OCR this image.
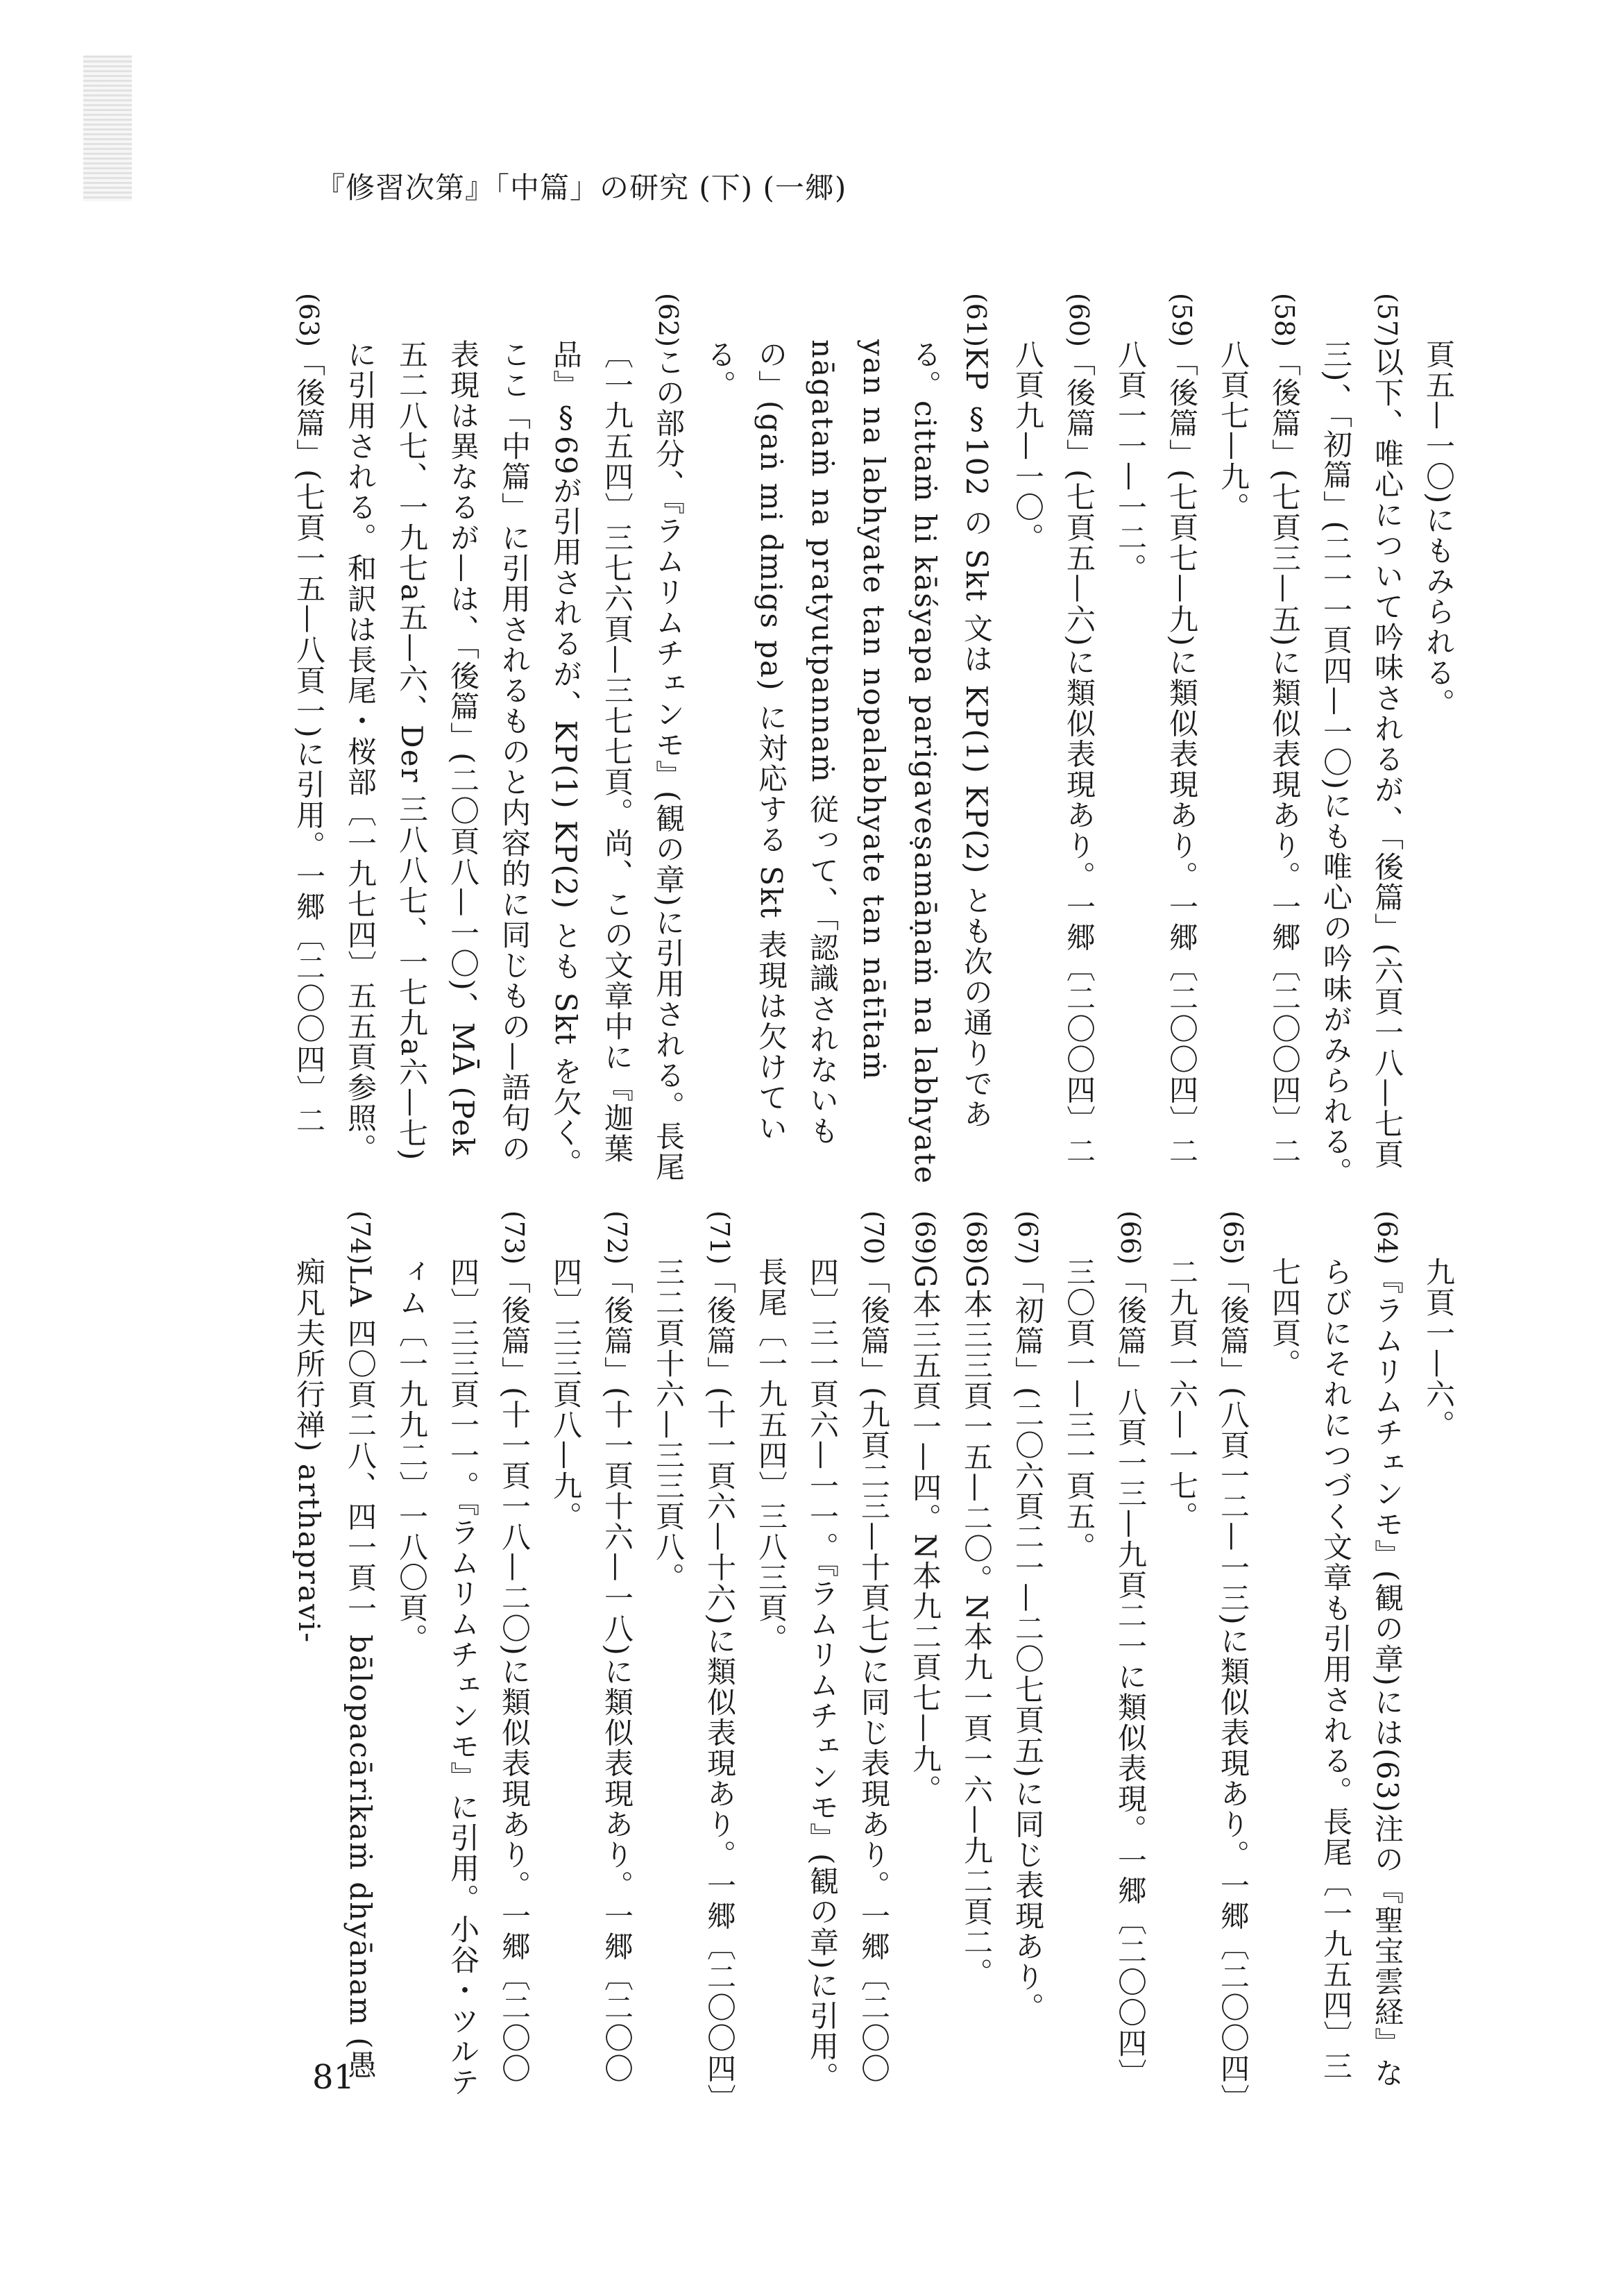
『修習次第』「中篇」の研究 (下) (一郷)

頁五—一〇)にもみられる。

(57)以下、唯心について吟味されるが、「後篇」(六頁一八—七頁三)、「初篇」(二一一頁四—一〇)にも唯心の吟味がみられる。

(58)「後篇」(七頁三—五)に類似表現あり。一郷〔二〇〇四〕二八頁七—九。

(59)「後篇」(七頁七—九)に類似表現あり。一郷〔二〇〇四〕二八頁一一—一二。

(60)「後篇」(七頁五—六)に類似表現あり。一郷〔二〇〇四〕二八頁九—一〇。

(61)KP §102 の Skt 文は KP(1) KP(2) とも次の通りである。cittaṁ hi kāśyapa parigaveṣamāṇaṁ na labhyate yan na labhyate tan nopalabhyate tan nātītaṁ nāgataṁ na pratyutpannaṁ 従って、「認識されないもの」(gaṅ mi dmigs pa) に対応する Skt 表現は欠けている。

(62)この部分、『ラムリムチェンモ』(観の章)に引用される。長尾〔一九五四〕三七六頁—三七七頁。尚、この文章中に『迦葉品』§69が引用されるが、KP(1) KP(2) とも Skt を欠く。ここ「中篇」に引用されるものと内容的に同じもの—語句の表現は異なるが—は、「後篇」(二〇頁八—一〇)、MĀ (Pek 五二八七、一九七a五—六、Der 三八八七、一七九a六—七)に引用される。和訳は長尾・桜部〔一九七四〕五五頁参照。

(63)「後篇」(七頁一五—八頁一)に引用。一郷〔二〇〇四〕二

九頁一—六。

(64)『ラムリムチェンモ』(観の章)には(63)注の『聖宝雲経』ならびにそれにつづく文章も引用される。長尾〔一九五四〕三七四頁。

(65)「後篇」(八頁一二—一三)に類似表現あり。一郷〔二〇〇四〕二九頁一六—一七。

(66)「後篇」八頁一三—九頁二一に類似表現。一郷〔二〇〇四〕三〇頁一—三一頁五。

(67)「初篇」(二〇六頁二一—二〇七頁五)に同じ表現あり。

(68)G本三三頁一五—二〇。N本九一頁一六—九二頁二。

(69)G本三五頁一—四。N本九二頁七—九。

(70)「後篇」(九頁二三—十頁七)に同じ表現あり。一郷〔二〇〇四〕三一頁六—一一。『ラムリムチェンモ』(観の章)に引用。長尾〔一九五四〕三八三頁。

(71)「後篇」(十一頁六—十六)に類似表現あり。一郷〔二〇〇四〕三二頁十六—三三頁八。

(72)「後篇」(十一頁十六—一八)に類似表現あり。一郷〔二〇〇四〕三三頁八—九。

(73)「後篇」(十一頁一八—二〇)に類似表現あり。一郷〔二〇〇四〕三三頁一一。『ラムリムチェンモ』に引用。小谷・ツルティム〔一九九二〕一八〇頁。

(74)LA 四〇頁二八、四一頁一 bālopacārikaṁ dhyānam (愚痴凡夫所行禅) arthapravi-

81
